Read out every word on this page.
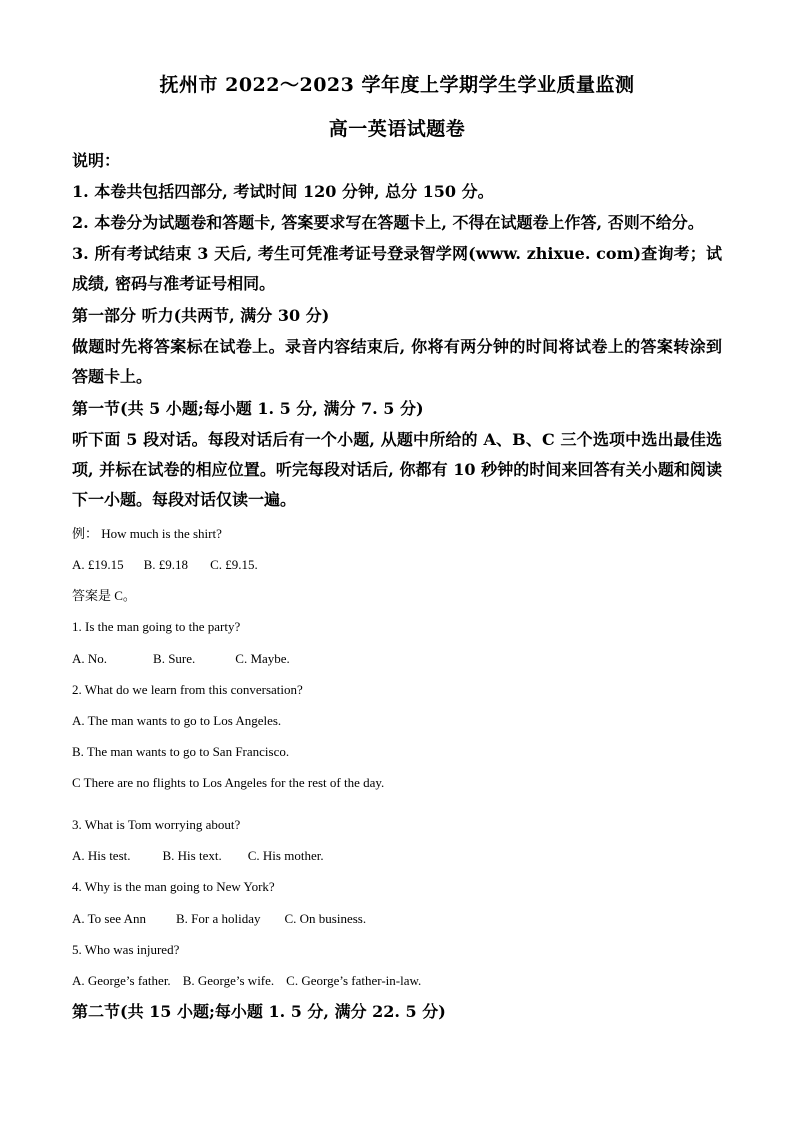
抚州市 2022～2023 学年度上学期学生学业质量监测
高一英语试题卷
说明：
1. 本卷共包括四部分, 考试时间 120 分钟, 总分 150 分。
2. 本卷分为试题卷和答题卡, 答案要求写在答题卡上, 不得在试题卷上作答, 否则不给分。
3. 所有考试结束 3 天后, 考生可凭准考证号登录智学网(www. zhixue. com)查询考；试成绩, 密码与准考证号相同。
第一部分 听力(共两节, 满分 30 分)
做题时先将答案标在试卷上。录音内容结束后, 你将有两分钟的时间将试卷上的答案转涂到答题卡上。
第一节(共 5 小题;每小题 1. 5 分, 满分 7. 5 分)
听下面 5 段对话。每段对话后有一个小题, 从题中所给的 A、B、C 三个选项中选出最佳选项, 并标在试卷的相应位置。听完每段对话后, 你都有 10 秒钟的时间来回答有关小题和阅读下一小题。每段对话仅读一遍。
例： How much is the shirt?
A. £19.15 B. £9.18 C. £9.15.
答案是 C。
1. Is the man going to the party?
A. No.	B. Sure.	C. Maybe.
2. What do we learn from this conversation?
A. The man wants to go to Los Angeles.
B. The man wants to go to San Francisco.
C There are no flights to Los Angeles for the rest of the day.
3. What is Tom worrying about?
A. His test. B. His text. C. His mother.
4. Why is the man going to New York?
A. To see Ann B. For a holiday C. On business.
5. Who was injured?
A. George’s father. B. George’s wife. C. George’s father-in-law.
第二节(共 15 小题;每小题 1. 5 分, 满分 22. 5 分)
